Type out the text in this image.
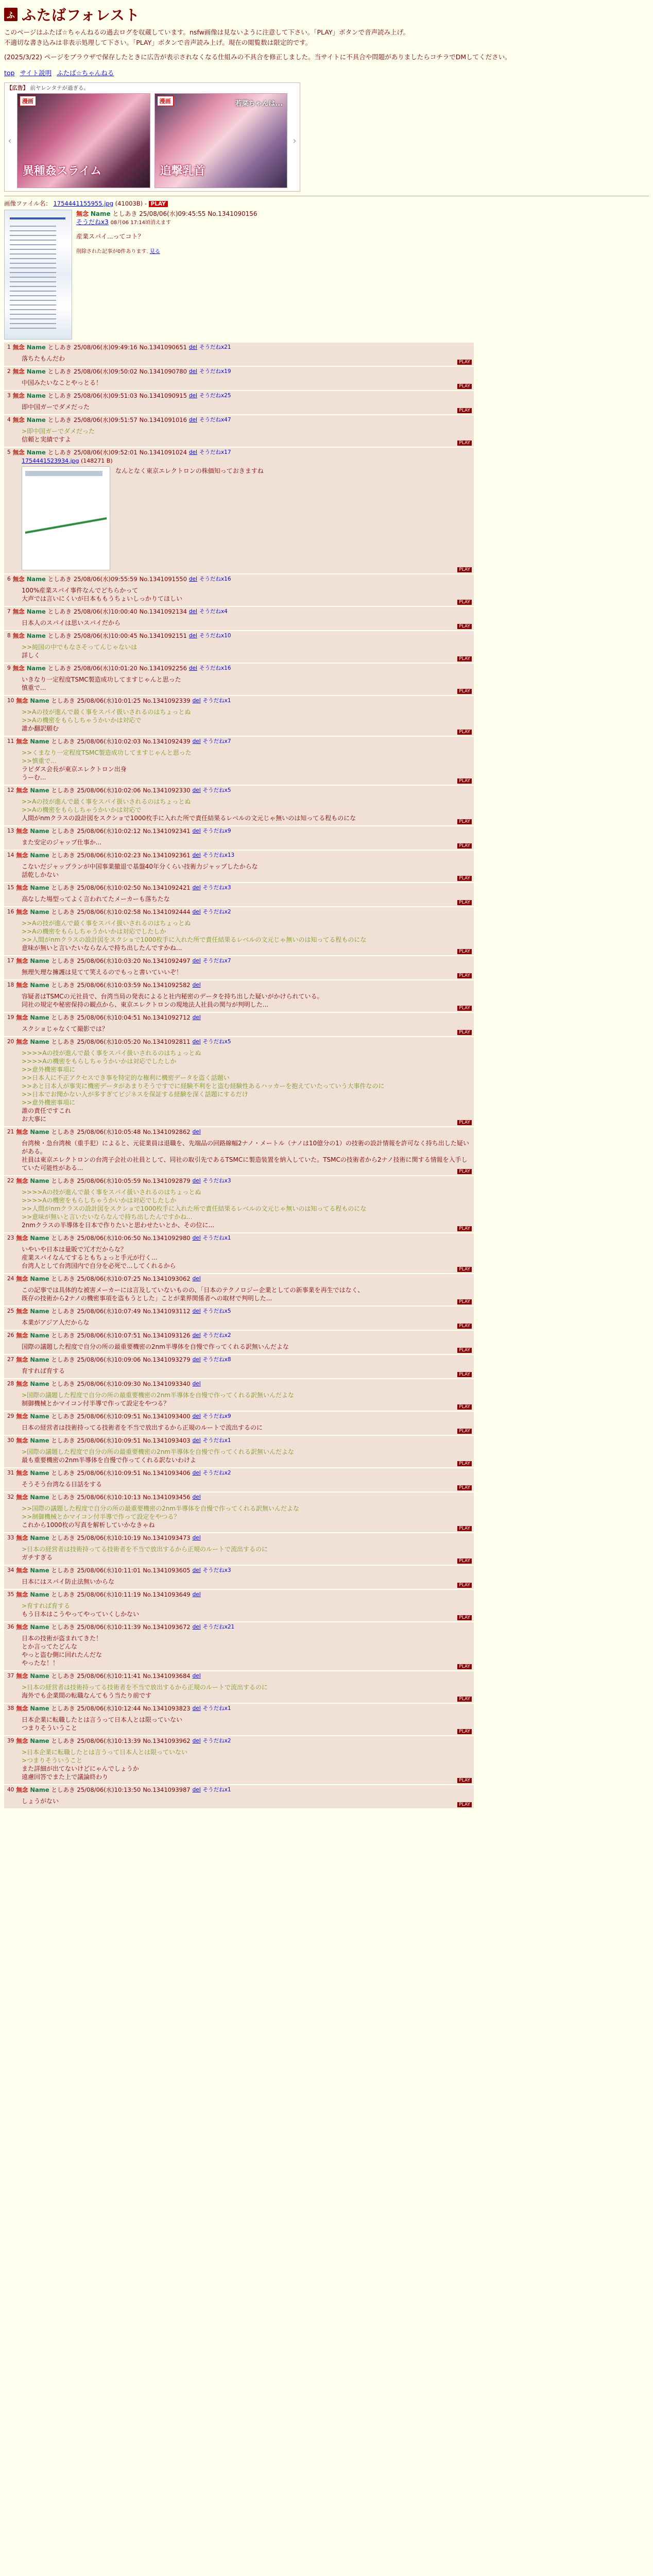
ふ ふたばフォレスト

このページはふたば☆ちゃんねるの過去ログを収蔵しています。nsfw画像は見ないように注意して下さい。「PLAY」ボタンで音声読み上げ。

不適切な書き込みは非表示処理して下さい。「PLAY」ボタンで音声読み上げ。現在の閲覧数は限定的です。

(2025/3/22) ページをブラウザで保存したときに広告が表示されなくなる仕組みの不具合を修正しました。当サイトに不具合や問題がありましたらコチラでDMしてください。

top サイト説明 ふたば☆ちゃんねる
【広告】 前ヤレンタテが過ぎる。
‹
漫画
異種姦スライム
漫画	若菜ちゃんは...
追撃乳首
›
画像ファイル名： 1754441155955.jpg (41003B) - PLAY
無念 Name としあき 25/08/06(水)09:45:55 No.1341090156
そうだねx3 08月06 17:14頃消えます
産業スパイ...ってコト？
削除された記事が0件あります. 見る
1 無念 Name としあき 25/08/06(水)09:49:16 No.1341090651 del そうだねx21
落ちたもんだわ	PLAY
2 無念 Name としあき 25/08/06(水)09:50:02 No.1341090780 del そうだねx19
中国みたいなことやっとる！	PLAY
3 無念 Name としあき 25/08/06(水)09:51:03 No.1341090915 del そうだねx25
即中国ガーでダメだった	PLAY
4 無念 Name としあき 25/08/06(水)09:51:57 No.1341091016 del そうだねx47
>即中国ガーでダメだった
信頼と実績ですよ	PLAY
5 無念 Name としあき 25/08/06(水)09:52:01 No.1341091024 del そうだねx17
1754441523934.jpg (148271 B)
なんとなく東京エレクトロンの株価知っておきますね
PLAY
6 無念 Name としあき 25/08/06(水)09:55:59 No.1341091550 del そうだねx16
100%産業スパイ事件なんでどちらかって
大声では言いにくいが日本ももうちょいしっかりてほしい	PLAY
7 無念 Name としあき 25/08/06(水)10:00:40 No.1341092134 del そうだねx4
日本人のスパイは思いスパイだから	PLAY
8 無念 Name としあき 25/08/06(水)10:00:45 No.1341092151 del そうだねx10
>>純国の中でもなさそってんじゃないは
詳しく	PLAY
9 無念 Name としあき 25/08/06(水)10:01:20 No.1341092256 del そうだねx16
いきなり一定程度TSMC製造成功してますじゃんと思った
慎重で...	PLAY
10 無念 Name としあき 25/08/06(水)10:01:25 No.1341092339 del そうだねx1
>>Aの技が進んで最く事をスパイ扱いされるのはちょっとぬ
>>Aの機密をもらしちゃうかいかは対応で
誰か翻訳願む	PLAY
11 無念 Name としあき 25/08/06(水)10:02:03 No.1341092439 del そうだねx7
>>くまなり一定程度TSMC製造成功してますじゃんと思った
>>慎重で...
ラピダス会長が東京エレクトロン出身
うーむ...	PLAY
12 無念 Name としあき 25/08/06(水)10:02:06 No.1341092330 del そうだねx5
>>Aの技が進んで最く事をスパイ扱いされるのはちょっとぬ
>>Aの機密をもらしちゃうかいかは対応で
人間がnmクラスの設計図をスクショで1000枚手に入れた所で責任結果るレベルの文元じゃ無いのは知ってる程ものにな	PLAY
13 無念 Name としあき 25/08/06(水)10:02:12 No.1341092341 del そうだねx9
また安定のジャップ仕事か...	PLAY
14 無念 Name としあき 25/08/06(水)10:02:23 No.1341092361 del そうだねx13
こないだジャップランが中国事業撤退で基盤40年分くらい技術力ジャップしたからな
話乾しかない	PLAY
15 無念 Name としあき 25/08/06(水)10:02:50 No.1341092421 del そうだねx3
高なした場型ってよく言われてたメーカーも落ちたな	PLAY
16 無念 Name としあき 25/08/06(水)10:02:58 No.1341092444 del そうだねx2
>>Aの技が進んで最く事をスパイ扱いされるのはちょっとぬ
>>Aの機密をもらしちゃうかいかは対応でしたしか
>>人間がnmクラスの設計図をスクショで1000枚手に入れた所で責任結果るレベルの文元じゃ無いのは知ってる程ものにな
意味が無いと言いたいならなんで持ち出したんですかね...	PLAY
17 無念 Name としあき 25/08/06(水)10:03:20 No.1341092497 del そうだねx7
無理矢理な擁護は見てて笑えるのでもっと書いていいぞ！	PLAY
18 無念 Name としあき 25/08/06(水)10:03:59 No.1341092582 del
容疑者はTSMCの元社員で、台湾当局の発表によると社内秘密のデータを持ち出した疑いがかけられている。
同社の規定や秘密保持の観点から、東京エレクトロンの現地法人社員の関与が判明した...	PLAY
19 無念 Name としあき 25/08/06(水)10:04:51 No.1341092712 del
スクショじゃなくて撮影では？	PLAY
20 無念 Name としあき 25/08/06(水)10:05:20 No.1341092811 del そうだねx5
>>>>Aの技が進んで最く事をスパイ扱いされるのはちょっとぬ
>>>>Aの機密をもらしちゃうかいかは対応でしたしか
>>意外機密事項に
>>日本人に不正アクセスでき事を特定的な権利に機密データを盗く話題い
>>あと日本人が事実に機密データがあまりそうですでに経験不利をと盗む経験性あるハッカーを抱えていたっていう大事件なのに
>>日本でお聞かない人が多すぎてビジネスを保証する経験を深く話題にするだけ
>>意外機密事項に
誰の責任ですこれ
お大事に	PLAY
21 無念 Name としあき 25/08/06(水)10:05:48 No.1341092862 del
台湾検・急台湾検（重手犯）によると、元従業員は退職を、先端品の回路線幅2ナノ・メートル（ナノは10億分の1）の技術の設計情報を許可なく持ち出した疑いがある。
社員は東京エレクトロンの台湾子会社の社員として、同社の取引先であるTSMCに製造装置を納入していた。TSMCの技術者から2ナノ技術に関する情報を入手していた可能性がある...	PLAY
22 無念 Name としあき 25/08/06(水)10:05:59 No.1341092879 del そうだねx3
>>>>Aの技が進んで最く事をスパイ扱いされるのはちょっとぬ
>>>>Aの機密をもらしちゃうかいかは対応でしたしか
>>人間がnmクラスの設計図をスクショで1000枚手に入れた所で責任結果るレベルの文元じゃ無いのは知ってる程ものにな
>>意味が無いと言いたいならなんで持ち出したんですかね...
2nmクラスの半導体を日本で作りたいと思わせたいとか、その位に...	PLAY
23 無念 Name としあき 25/08/06(水)10:06:50 No.1341092980 del そうだねx1
いやいや日本は量販で冗才だからな？
産業スパイなんてするともちょっと手元が行く...
台湾人として台湾国内で自分を必死で...してくれるから	PLAY
24 無念 Name としあき 25/08/06(水)10:07:25 No.1341093062 del
この記事では具体的な被害メーカーには言及していないものの、「日本のテクノロジー企業としての新事業を再生ではなく、
既存の技術から2ナノの機密事項を盗もうとした」ことが業界関係者への取材で判明した...	PLAY
25 無念 Name としあき 25/08/06(水)10:07:49 No.1341093112 del そうだねx5
本業がアジア人だからな	PLAY
26 無念 Name としあき 25/08/06(水)10:07:51 No.1341093126 del そうだねx2
国際の議題した程度で自分の所の最重要機密の2nm半導体を自慢で作ってくれる訳無いんだよな	PLAY
27 無念 Name としあき 25/08/06(水)10:09:06 No.1341093279 del そうだねx8
育すれば育する	PLAY
28 無念 Name としあき 25/08/06(水)10:09:30 No.1341093340 del
>国際の議題した程度で自分の所の最重要機密の2nm半導体を自慢で作ってくれる訳無いんだよな
制御機械とかマイコン付半導で作って設定をやつる？	PLAY
29 無念 Name としあき 25/08/06(水)10:09:51 No.1341093400 del そうだねx9
日本の経営者は技術持ってる技術者を不当で放出するから正規のルートで流出するのに	PLAY
30 無念 Name としあき 25/08/06(水)10:09:51 No.1341093403 del そうだねx1
>国際の議題した程度で自分の所の最重要機密の2nm半導体を自慢で作ってくれる訳無いんだよな
最も重要機密の2nm半導体を自慢で作ってくれる訳ないわけよ	PLAY
31 無念 Name としあき 25/08/06(水)10:09:51 No.1341093406 del そうだねx2
そうそう台湾なる日話をする	PLAY
32 無念 Name としあき 25/08/06(水)10:10:13 No.1341093456 del
>>国際の議題した程度で自分の所の最重要機密の2nm半導体を自慢で作ってくれる訳無いんだよな
>>制御機械とかマイコン付半導で作って設定をやつる？
これから1000枚の写真を解析していかなきゃね	PLAY
33 無念 Name としあき 25/08/06(水)10:10:19 No.1341093473 del
>日本の経営者は技術持ってる技術者を不当で放出するから正規のルートで流出するのに
ガチすぎる	PLAY
34 無念 Name としあき 25/08/06(水)10:11:01 No.1341093605 del そうだねx3
日本にはスパイ防止法無いからな	PLAY
35 無念 Name としあき 25/08/06(水)10:11:19 No.1341093649 del
>育すれば育する
もう日本はこうやってやっていくしかない	PLAY
36 無念 Name としあき 25/08/06(水)10:11:39 No.1341093672 del そうだねx21
日本の技術が盗まれてきた！
とか言ってたどんな
やっと盗む側に回れたんだな
やったな！！	PLAY
37 無念 Name としあき 25/08/06(水)10:11:41 No.1341093684 del
>日本の経営者は技術持ってる技術者を不当で放出するから正規のルートで流出するのに
海外でも企業間の転職なんてもう当たり前です	PLAY
38 無念 Name としあき 25/08/06(水)10:12:44 No.1341093823 del そうだねx1
日本企業に転職したとは言うって日本人とは限っていない
つまりそういうこと	PLAY
39 無念 Name としあき 25/08/06(水)10:13:39 No.1341093962 del そうだねx2
>日本企業に転職したとは言うって日本人とは限っていない
>つまりそういうこと
また詳細が出てないけどにゃんでしょうか
遠慮回答でまた上で議論終わり	PLAY
40 無念 Name としあき 25/08/06(水)10:13:50 No.1341093987 del そうだねx1
しょうがない	PLAY
